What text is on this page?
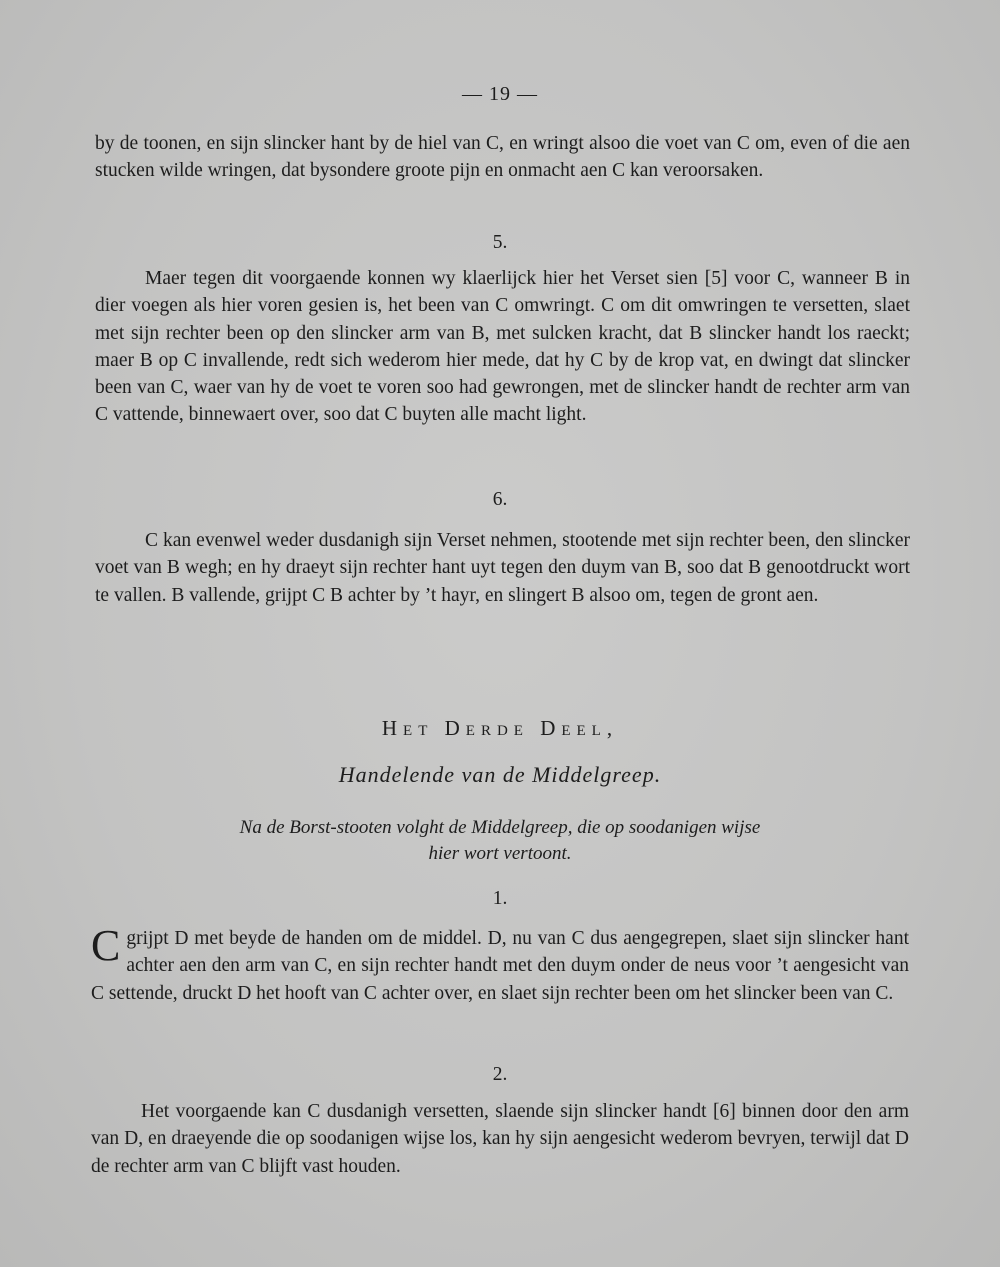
— 19 —

by de toonen, en sijn slincker hant by de hiel van C, en wringt alsoo die voet van C om, even of die aen stucken wilde wringen, dat bysondere groote pijn en onmacht aen C kan veroorsaken.

5.

Maer tegen dit voorgaende konnen wy klaerlijck hier het Verset sien [5] voor C, wanneer B in dier voegen als hier voren gesien is, het been van C omwringt. C om dit omwringen te versetten, slaet met sijn rechter been op den slincker arm van B, met sulcken kracht, dat B slincker handt los raeckt; maer B op C invallende, redt sich wederom hier mede, dat hy C by de krop vat, en dwingt dat slincker been van C, waer van hy de voet te voren soo had gewrongen, met de slincker handt de rechter arm van C vattende, binnewaert over, soo dat C buyten alle macht light.

6.

C kan evenwel weder dusdanigh sijn Verset nehmen, stootende met sijn rechter been, den slincker voet van B wegh; en hy draeyt sijn rechter hant uyt tegen den duym van B, soo dat B genootdruckt wort te vallen. B vallende, grijpt C B achter by ’t hayr, en slingert B alsoo om, tegen de gront aen.

Het Derde Deel,
Handelende van de Middelgreep.
Na de Borst-stooten volght de Middelgreep, die op soodanigen wijse
hier wort vertoont.
1.
C grijpt D met beyde de handen om de middel. D, nu van C dus aengegrepen, slaet sijn slincker hant achter aen den arm van C, en sijn rechter handt met den duym onder de neus voor ’t aengesicht van C settende, druckt D het hooft van C achter over, en slaet sijn rechter been om het slincker been van C.
2.

Het voorgaende kan C dusdanigh versetten, slaende sijn slincker handt [6] binnen door den arm van D, en draeyende die op soodanigen wijse los, kan hy sijn aengesicht wederom bevryen, terwijl dat D de rechter arm van C blijft vast houden.
